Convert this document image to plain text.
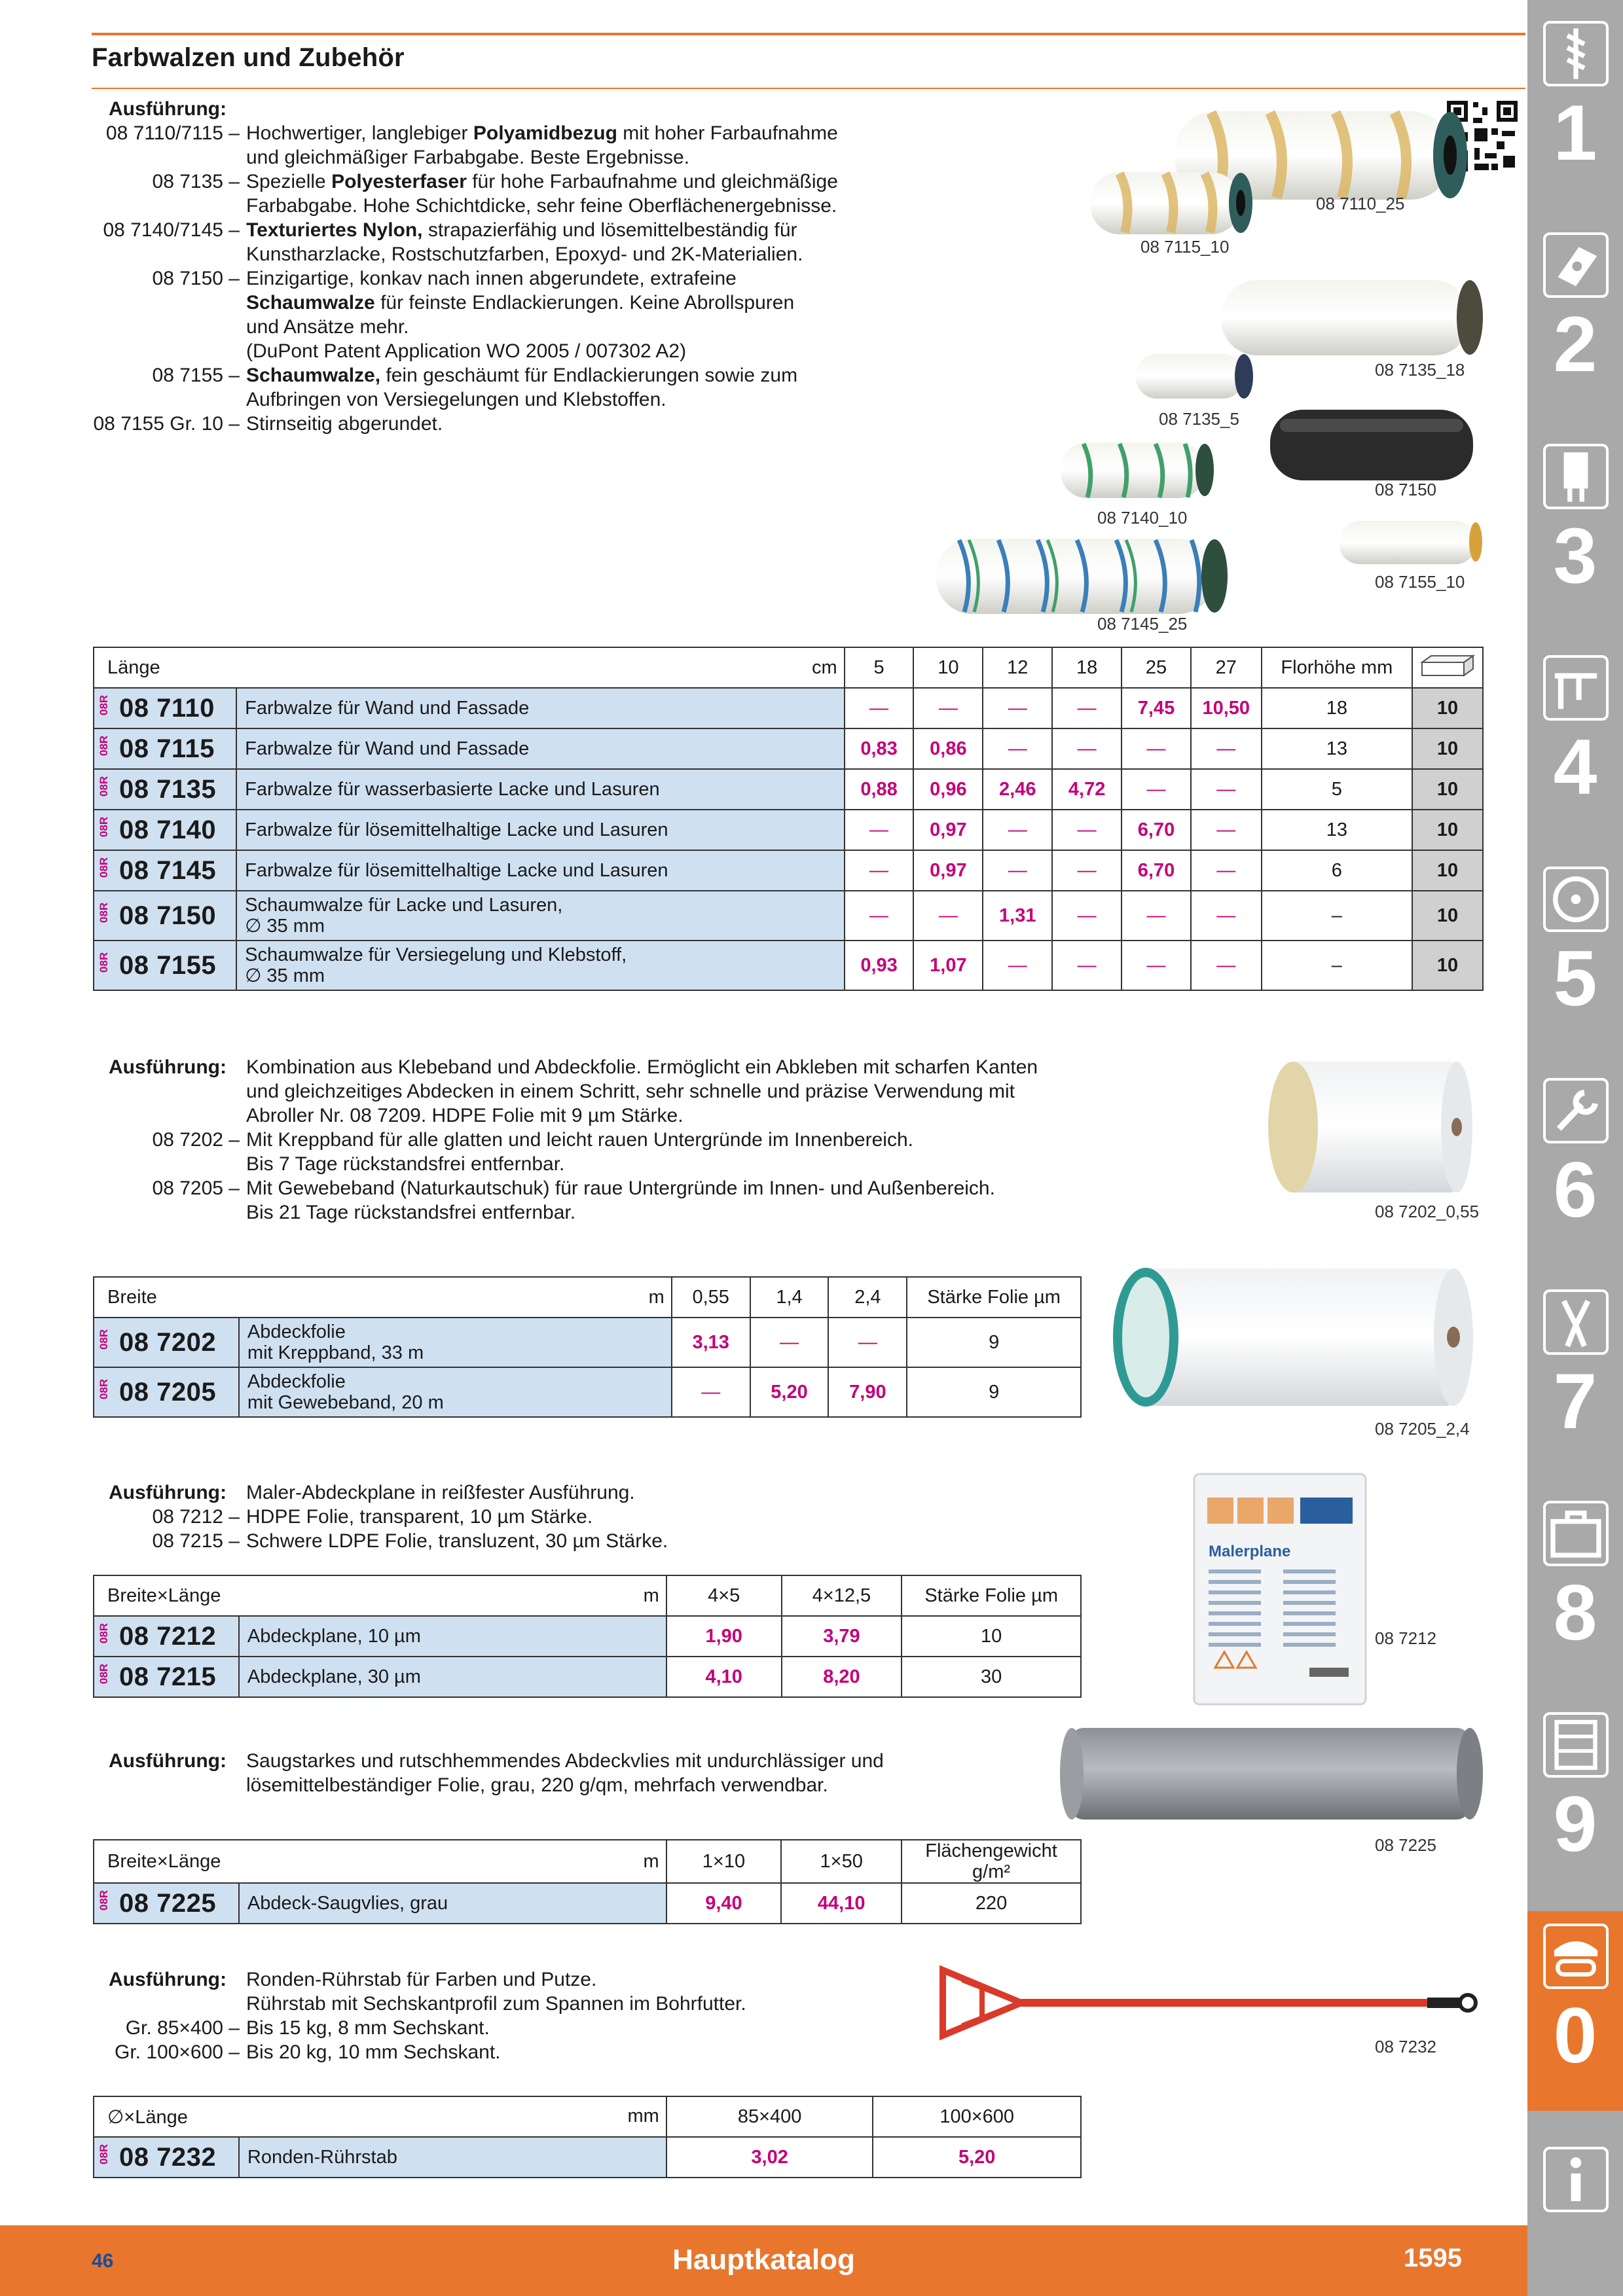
Farbwalzen und Zubehör
Ausführung:
08 7110/7115 – Hochwertiger, langlebiger Polyamidbezug mit hoher Farbaufnahme
und gleichmäßiger Farbabgabe. Beste Ergebnisse.
08 7135 – Spezielle Polyesterfaser für hohe Farbaufnahme und gleichmäßige
Farbabgabe. Hohe Schichtdicke, sehr feine Oberflächenergebnisse.
08 7140/7145 – Texturiertes Nylon, strapazierfähig und lösemittelbeständig für
Kunstharzlacke, Rostschutzfarben, Epoxyd- und 2K-Materialien.
08 7150 – Einzigartige, konkav nach innen abgerundete, extrafeine
Schaumwalze für feinste Endlackierungen. Keine Abrollspuren
und Ansätze mehr.
(DuPont Patent Application WO 2005 / 007302 A2)
08 7155 – Schaumwalze, fein geschäumt für Endlackierungen sowie zum
Aufbringen von Versiegelungen und Klebstoffen.
08 7155 Gr. 10 – Stirnseitig abgerundet.
08 7110_25
08 7115_10
08 7135_18
08 7135_5
08 7150
08 7140_10
08 7155_10
08 7145_25
Länge cm		5	10	12	18	25	27	Florhöhe mm	
08R 08 7110	Farbwalze für Wand und Fassade	—	—	—	—	7,45	10,50	18	10
08R 08 7115	Farbwalze für Wand und Fassade	0,83	0,86	—	—	—	—	13	10
08R 08 7135	Farbwalze für wasserbasierte Lacke und Lasuren	0,88	0,96	2,46	4,72	—	—	5	10
08R 08 7140	Farbwalze für lösemittelhaltige Lacke und Lasuren	—	0,97	—	—	6,70	—	13	10
08R 08 7145	Farbwalze für lösemittelhaltige Lacke und Lasuren	—	0,97	—	—	6,70	—	6	10
08R 08 7150	Schaumwalze für Lacke und Lasuren,
∅ 35 mm	—	—	1,31	—	—	—	–	10
08R 08 7155	Schaumwalze für Versiegelung und Klebstoff,
∅ 35 mm	0,93	1,07	—	—	—	—	–	10
Ausführung:	Kombination aus Klebeband und Abdeckfolie. Ermöglicht ein Abkleben mit scharfen Kanten
und gleichzeitiges Abdecken in einem Schritt, sehr schnelle und präzise Verwendung mit
Abroller Nr. 08 7209. HDPE Folie mit 9 µm Stärke.
08 7202 – Mit Kreppband für alle glatten und leicht rauen Untergründe im Innenbereich.
Bis 7 Tage rückstandsfrei entfernbar.
08 7205 – Mit Gewebeband (Naturkautschuk) für raue Untergründe im Innen- und Außenbereich.
Bis 21 Tage rückstandsfrei entfernbar.	08 7202_0,55
08 7205_2,4
Breite m		0,55	1,4	2,4	Stärke Folie µm
08R 08 7202	Abdeckfolie
mit Kreppband, 33 m	3,13	—	—	9
08R 08 7205	Abdeckfolie
mit Gewebeband, 20 m	—	5,20	7,90	9
Ausführung:	Maler-Abdeckplane in reißfester Ausführung.
08 7212 – HDPE Folie, transparent, 10 µm Stärke.
08 7215 – Schwere LDPE Folie, transluzent, 30 µm Stärke.	Malerplane
08 7212
Breite×Länge m		4×5	4×12,5	Stärke Folie µm
08R 08 7212	Abdeckplane, 10 µm	1,90	3,79	10
08R 08 7215	Abdeckplane, 30 µm	4,10	8,20	30
Ausführung:	Saugstarkes und rutschhemmendes Abdeckvlies mit undurchlässiger und
lösemittelbeständiger Folie, grau, 220 g/qm, mehrfach verwendbar.
08 7225
Breite×Länge m		1×10	1×50	Flächengewicht g/m²
08R 08 7225	Abdeck-Saugvlies, grau	9,40	44,10	220
Ausführung:	Ronden-Rührstab für Farben und Putze.
Rührstab mit Sechskantprofil zum Spannen im Bohrfutter.
Gr. 85×400 – Bis 15 kg, 8 mm Sechskant.
Gr. 100×600 – Bis 20 kg, 10 mm Sechskant.	08 7232
∅×Länge mm		85×400	100×600
08R 08 7232	Ronden-Rührstab	3,02	5,20
1
2
3
4
5
6
7
8
9
0
46	Hauptkatalog	1595
